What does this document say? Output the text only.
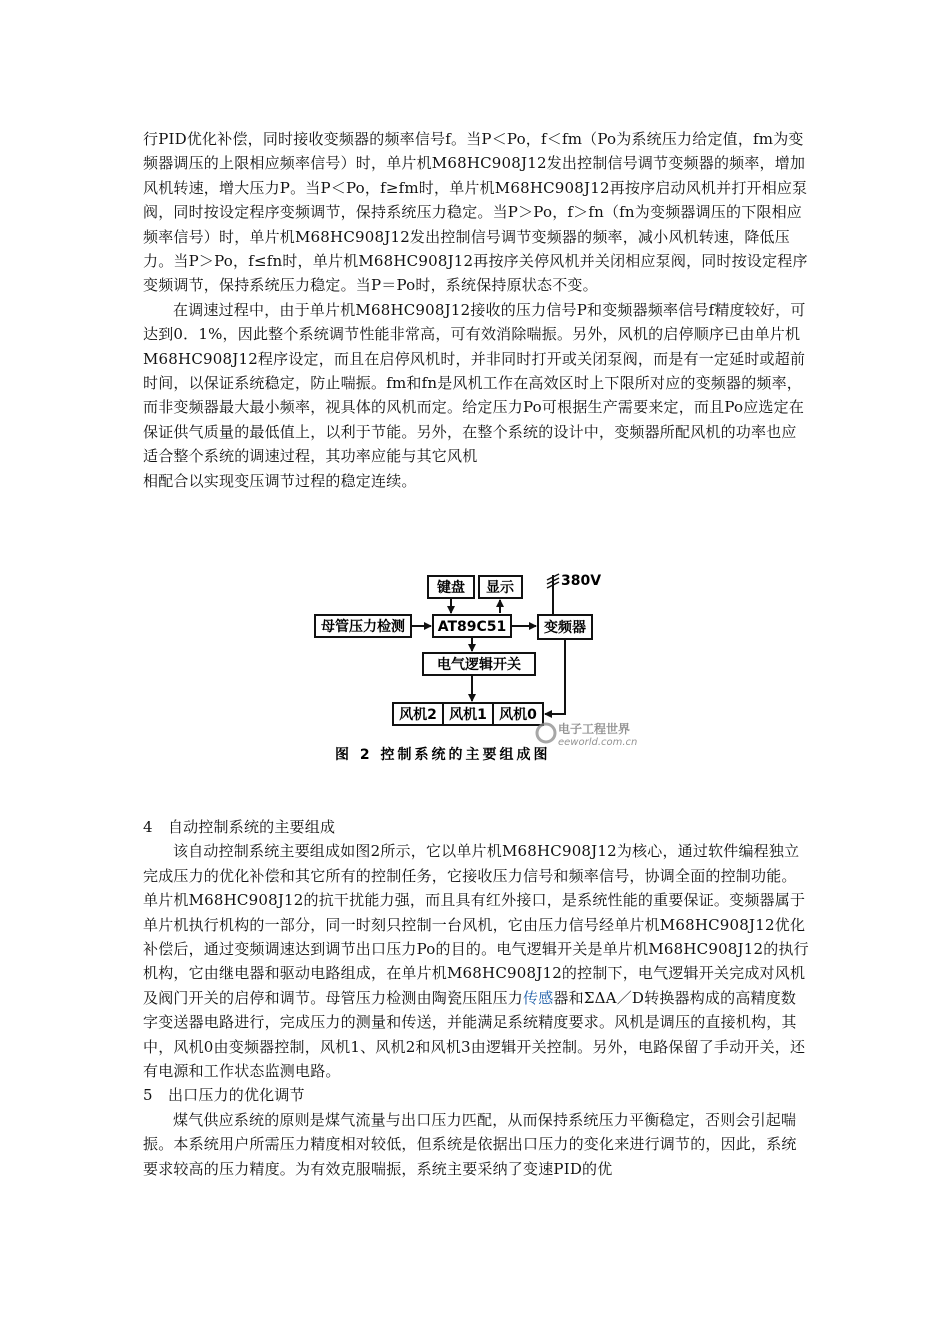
行PID优化补偿，同时接收变频器的频率信号f。当P＜Po，f＜fm（Po为系统压力给定值，fm为变频器调压的上限相应频率信号）时，单片机M68HC908J12发出控制信号调节变频器的频率，增加风机转速，增大压力P。当P＜Po，f≥fm时，单片机M68HC908J12再按序启动风机并打开相应泵阀，同时按设定程序变频调节，保持系统压力稳定。当P＞Po，f＞fn（fn为变频器调压的下限相应频率信号）时，单片机M68HC908J12发出控制信号调节变频器的频率，减小风机转速，降低压力。当P＞Po，f≤fn时，单片机M68HC908J12再按序关停风机并关闭相应泵阀，同时按设定程序变频调节，保持系统压力稳定。当P＝Po时，系统保持原状态不变。

在调速过程中，由于单片机M68HC908J12接收的压力信号P和变频器频率信号f精度较好，可达到0．1%，因此整个系统调节性能非常高，可有效消除喘振。另外，风机的启停顺序已由单片机M68HC908J12程序设定，而且在启停风机时，并非同时打开或关闭泵阀，而是有一定延时或超前时间，以保证系统稳定，防止喘振。fm和fn是风机工作在高效区时上下限所对应的变频器的频率，而非变频器最大最小频率，视具体的风机而定。给定压力Po可根据生产需要来定，而且Po应选定在保证供气质量的最低值上，以利于节能。另外，在整个系统的设计中，变频器所配风机的功率也应适合整个系统的调速过程，其功率应能与其它风机

相配合以实现变压调节过程的稳定连续。

键盘 显示	380V
母管压力检测 AT89C51	变频器
电气逻辑开关
风机2 风机1 风机0
图 2 控制系统的主要组成图
电子工程世界
eeworld.com.cn

4　自动控制系统的主要组成

该自动控制系统主要组成如图2所示，它以单片机M68HC908J12为核心，通过软件编程独立完成压力的优化补偿和其它所有的控制任务，它接收压力信号和频率信号，协调全面的控制功能。单片机M68HC908J12的抗干扰能力强，而且具有红外接口，是系统性能的重要保证。变频器属于单片机执行机构的一部分，同一时刻只控制一台风机，它由压力信号经单片机M68HC908J12优化补偿后，通过变频调速达到调节出口压力Po的目的。电气逻辑开关是单片机M68HC908J12的执行机构，它由继电器和驱动电路组成，在单片机M68HC908J12的控制下，电气逻辑开关完成对风机及阀门开关的启停和调节。母管压力检测由陶瓷压阻压力传感器和ΣΔA／D转换器构成的高精度数字变送器电路进行，完成压力的测量和传送，并能满足系统精度要求。风机是调压的直接机构，其中，风机0由变频器控制，风机1、风机2和风机3由逻辑开关控制。另外，电路保留了手动开关，还有电源和工作状态监测电路。

5　出口压力的优化调节

煤气供应系统的原则是煤气流量与出口压力匹配，从而保持系统压力平衡稳定，否则会引起喘振。本系统用户所需压力精度相对较低，但系统是依据出口压力的变化来进行调节的，因此，系统要求较高的压力精度。为有效克服喘振，系统主要采纳了变速PID的优
